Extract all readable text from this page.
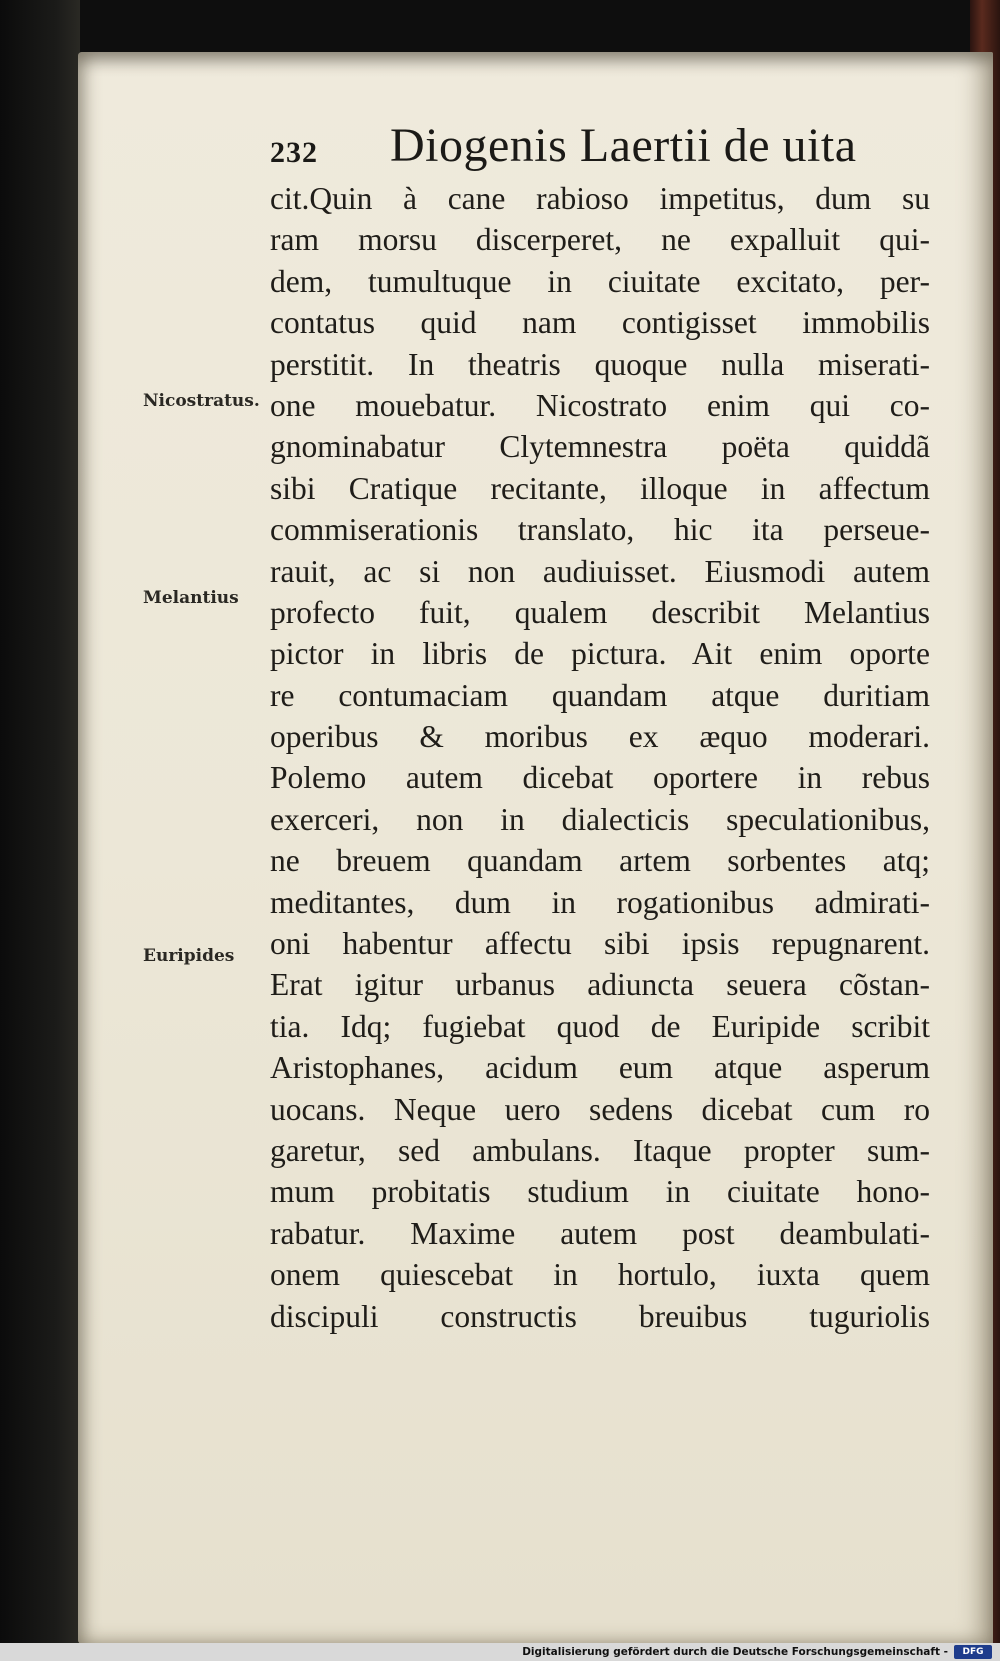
232 Diogenis Laertii de uita
Nicostratus.
Melantius
Euripides
cit.Quin à cane rabioso impetitus, dum su
ram morsu discerperet, ne expalluit qui-
dem, tumultuque in ciuitate excitato, per-
contatus quid nam contigisset immobilis
perstitit. In theatris quoque nulla miserati-
one mouebatur. Nicostrato enim qui co-
gnominabatur Clytemnestra poëta quiddã
sibi Cratique recitante, illoque in affectum
commiserationis translato, hic ita perseue-
rauit, ac si non audiuisset. Eiusmodi autem
profecto fuit, qualem describit Melantius
pictor in libris de pictura. Ait enim oporte
re contumaciam quandam atque duritiam
operibus & moribus ex æquo moderari.
Polemo autem dicebat oportere in rebus
exerceri, non in dialecticis speculationibus,
ne breuem quandam artem sorbentes atq;
meditantes, dum in rogationibus admirati-
oni habentur affectu sibi ipsis repugnarent.
Erat igitur urbanus adiuncta seuera cõstan-
tia. Idq; fugiebat quod de Euripide scribit
Aristophanes, acidum eum atque asperum
uocans. Neque uero sedens dicebat cum ro
garetur, sed ambulans. Itaque propter sum-
mum probitatis studium in ciuitate hono-
rabatur. Maxime autem post deambulati-
onem quiescebat in hortulo, iuxta quem
discipuli constructis breuibus tuguriolis
Digitalisierung gefördert durch die Deutsche Forschungsgemeinschaft -	DFG
